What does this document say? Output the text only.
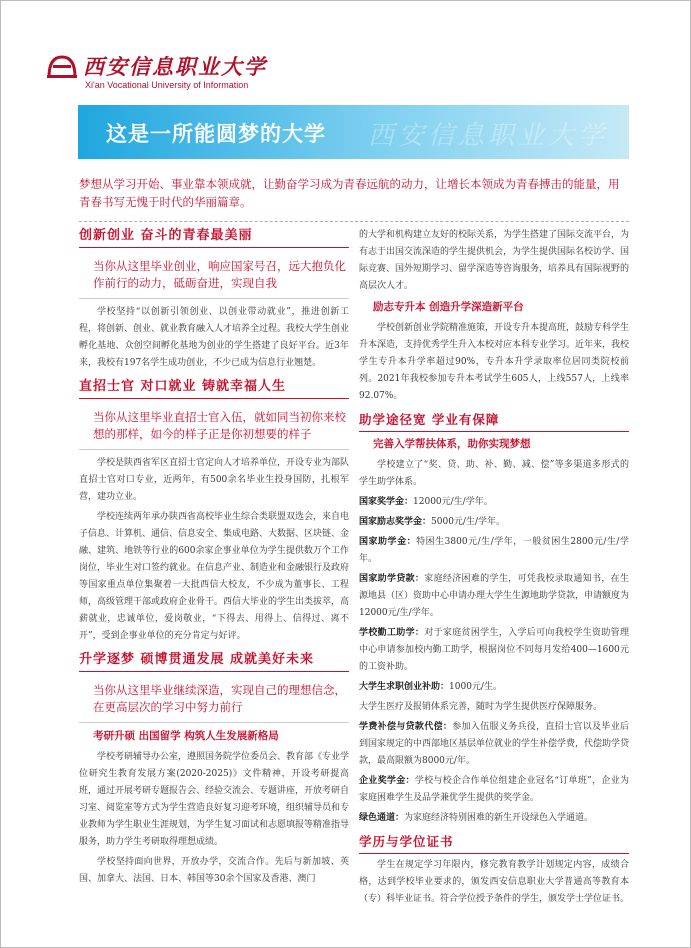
西安信息职业大学
Xi'an Vocational University of Information
西安信息职业大学
这是一所能圆梦的大学
梦想从学习开始、事业靠本领成就，让勤奋学习成为青春远航的动力，让增长本领成为青春搏击的能量，用青春书写无愧于时代的华丽篇章。
创新创业 奋斗的青春最美丽
当你从这里毕业创业，响应国家号召，远大抱负化作前行的动力，砥砺奋进，实现自我

学校坚持“以创新引领创业、以创业带动就业”，推进创新工程，将创新、创业、就业教育融入人才培养全过程。我校大学生创业孵化基地、众创空间孵化基地为创业的学生搭建了良好平台。近3年来，我校有197名学生成功创业，不少已成为信息行业翘楚。

直招士官 对口就业 铸就幸福人生
当你从这里毕业直招士官入伍，就如同当初你来校想的那样，如今的样子正是你初想要的样子

学校是陕西省军区直招士官定向人才培养单位，开设专业为部队直招士官对口专业，近两年，有500余名毕业生投身国防，扎根军营，建功立业。

学校连续两年承办陕西省高校毕业生综合类联盟双选会，来自电子信息、计算机、通信、信息安全、集成电路、大数据、区块链、金融、建筑、地铁等行业的600余家企事业单位为学生提供数万个工作岗位，毕业生对口签约就业。在信息产业、制造业和金融银行及政府等国家重点单位集聚着一大批西信大校友，不少成为董事长、工程师，高级管理干部或政府企业骨干。西信大毕业的学生出类拔萃，高薪就业，忠诚单位，爱岗敬业，“下得去、用得上、信得过、离不开”，受到企事业单位的充分肯定与好评。

升学逐梦 硕博贯通发展 成就美好未来
当你从这里毕业继续深造，实现自己的理想信念，在更高层次的学习中努力前行
考研升硕 出国留学 构筑人生发展新格局

学校考研辅导办公室，遵照国务院学位委员会、教育部《专业学位研究生教育发展方案(2020-2025)》文件精神，开设考研提高班，通过开展考研专题报告会、经验交流会、专题讲座，开放考研自习室、阅览室等方式为学生营造良好复习迎考环境，组织辅导员和专业教师为学生职业生涯规划，为学生复习面试和志愿填报等精准指导服务，助力学生考研取得理想成绩。

学校坚持面向世界，开放办学，交流合作。先后与新加坡、英国、加拿大、法国、日本、韩国等30余个国家及香港、澳门

的大学和机构建立友好的校际关系，为学生搭建了国际交流平台，为有志于出国交流深造的学生提供机会，为学生提供国际名校访学、国际竞赛、国外短期学习、留学深造等咨询服务，培养具有国际视野的高层次人才。

励志专升本 创造升学深造新平台

学校创新创业学院精准施策，开设专升本提高班，鼓励专科学生升本深造，支持优秀学生升入本校对应本科专业学习。近年来，我校学生专升本升学率超过90%，专升本升学录取率位居同类院校前列。2021年我校参加专升本考试学生605人，上线557人，上线率92.07%。

助学途径宽 学业有保障
完善入学帮扶体系，助你实现梦想

学校建立了“奖、贷、助、补、勤、减、偿”等多渠道多形式的学生助学体系。

国家奖学金：12000元/生/学年。

国家励志奖学金：5000元/生/学年。

国家助学金：特困生3800元/生/学年，一般贫困生2800元/生/学年。

国家助学贷款：家庭经济困难的学生，可凭我校录取通知书，在生源地县（区）资助中心申请办理大学生生源地助学贷款，申请额度为12000元/生/学年。

学校勤工助学：对于家庭贫困学生，入学后可向我校学生资助管理中心申请参加校内勤工助学，根据岗位不同每月发给400—1600元的工资补助。

大学生求职创业补助：1000元/生。

大学生医疗及报销体系完善，随时为学生提供医疗保障服务。

学费补偿与贷款代偿：参加入伍服义务兵役，直招士官以及毕业后到国家规定的中西部地区基层单位就业的学生补偿学费，代偿助学贷款，最高限额为8000元/年。

企业奖学金：学校与校企合作单位组建企业冠名“订单班”，企业为家庭困难学生及品学兼优学生提供的奖学金。

绿色通道：为家庭经济特别困难的新生开设绿色入学通道。

学历与学位证书

学生在规定学习年限内，修完教育教学计划规定内容，成绩合格，达到学校毕业要求的，颁发西安信息职业大学普通高等教育本（专）科毕业证书。符合学位授予条件的学生，颁发学士学位证书。
